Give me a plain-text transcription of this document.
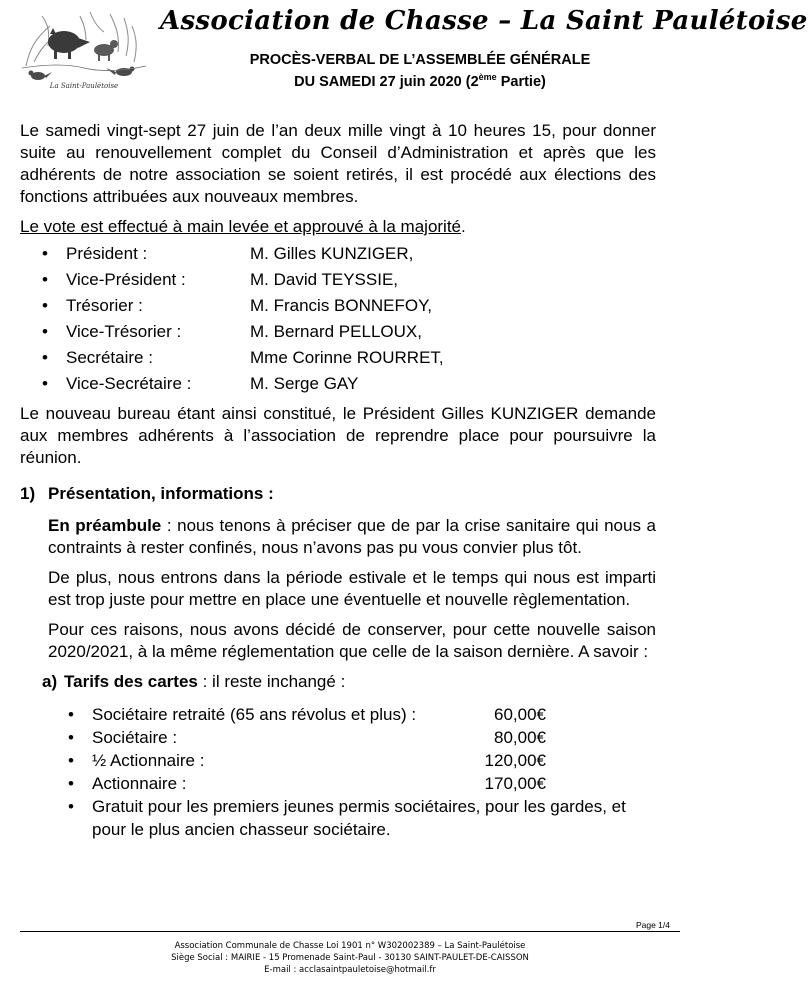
La Saint-Paulétoise
Association de Chasse – La Saint Paulétoise
PROCÈS-VERBAL DE L’ASSEMBLÉE GÉNÉRALE
DU SAMEDI 27 juin 2020 (2ème Partie)

Le samedi vingt-sept 27 juin de l’an deux mille vingt à 10 heures 15, pour donner suite au renouvellement complet du Conseil d’Administration et après que les adhérents de notre association se soient retirés, il est procédé aux élections des fonctions attribuées aux nouveaux membres.

Le vote est effectué à main levée et approuvé à la majorité.

• Président :	M. Gilles KUNZIGER,
• Vice-Président :	M. David TEYSSIE,
• Trésorier :	M. Francis BONNEFOY,
• Vice-Trésorier :	M. Bernard PELLOUX,
• Secrétaire :	Mme Corinne ROURRET,
• Vice-Secrétaire :	M. Serge GAY

Le nouveau bureau étant ainsi constitué, le Président Gilles KUNZIGER demande aux membres adhérents à l’association de reprendre place pour poursuivre la réunion.

1) Présentation, informations :

En préambule : nous tenons à préciser que de par la crise sanitaire qui nous a contraints à rester confinés, nous n’avons pas pu vous convier plus tôt.

De plus, nous entrons dans la période estivale et le temps qui nous est imparti est trop juste pour mettre en place une éventuelle et nouvelle règlementation.

Pour ces raisons, nous avons décidé de conserver, pour cette nouvelle saison 2020/2021, à la même réglementation que celle de la saison dernière. A savoir :

a) Tarifs des cartes : il reste inchangé :
• Sociétaire retraité (65 ans révolus et plus) :	60,00€
• Sociétaire :	80,00€
• ½ Actionnaire :	120,00€
• Actionnaire :	170,00€
• Gratuit pour les premiers jeunes permis sociétaires, pour les gardes, et pour le plus ancien chasseur sociétaire.
Page 1/4
Association Communale de Chasse Loi 1901 n° W302002389 – La Saint-Paulétoise
Siège Social : MAIRIE - 15 Promenade Saint-Paul - 30130 SAINT-PAULET-DE-CAISSON
E-mail : acclasaintpauletoise@hotmail.fr
